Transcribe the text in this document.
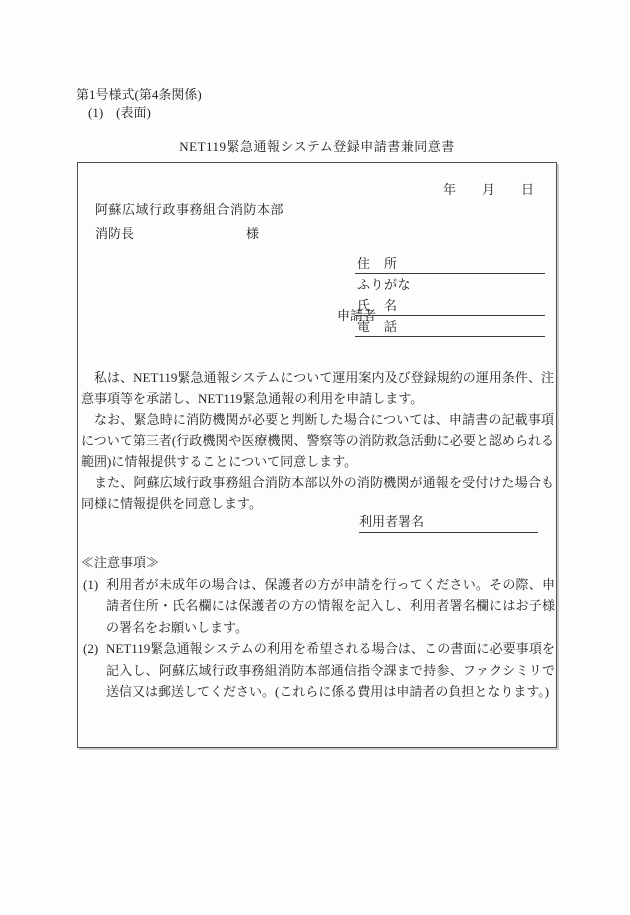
第1号様式(第4条関係)
(1)　(表面)
NET119緊急通報システム登録申請書兼同意書
年 月 日
阿蘇広域行政事務組合消防本部
消防長	様
申請者
住　所
ふりがな
氏　名
電　話

私は、NET119緊急通報システムについて運用案内及び登録規約の運用条件、注意事項等を承諾し、NET119緊急通報の利用を申請します。

なお、緊急時に消防機関が必要と判断した場合については、申請書の記載事項について第三者(行政機関や医療機関、警察等の消防救急活動に必要と認められる範囲)に情報提供することについて同意します。

また、阿蘇広域行政事務組合消防本部以外の消防機関が通報を受付けた場合も同様に情報提供を同意します。

利用者署名
≪注意事項≫
(1) 利用者が未成年の場合は、保護者の方が申請を行ってください。その際、申請者住所・氏名欄には保護者の方の情報を記入し、利用者署名欄にはお子様の署名をお願いします。
(2) NET119緊急通報システムの利用を希望される場合は、この書面に必要事項を記入し、阿蘇広域行政事務組消防本部通信指令課まで持参、ファクシミリで送信又は郵送してください。(これらに係る費用は申請者の負担となります。)
